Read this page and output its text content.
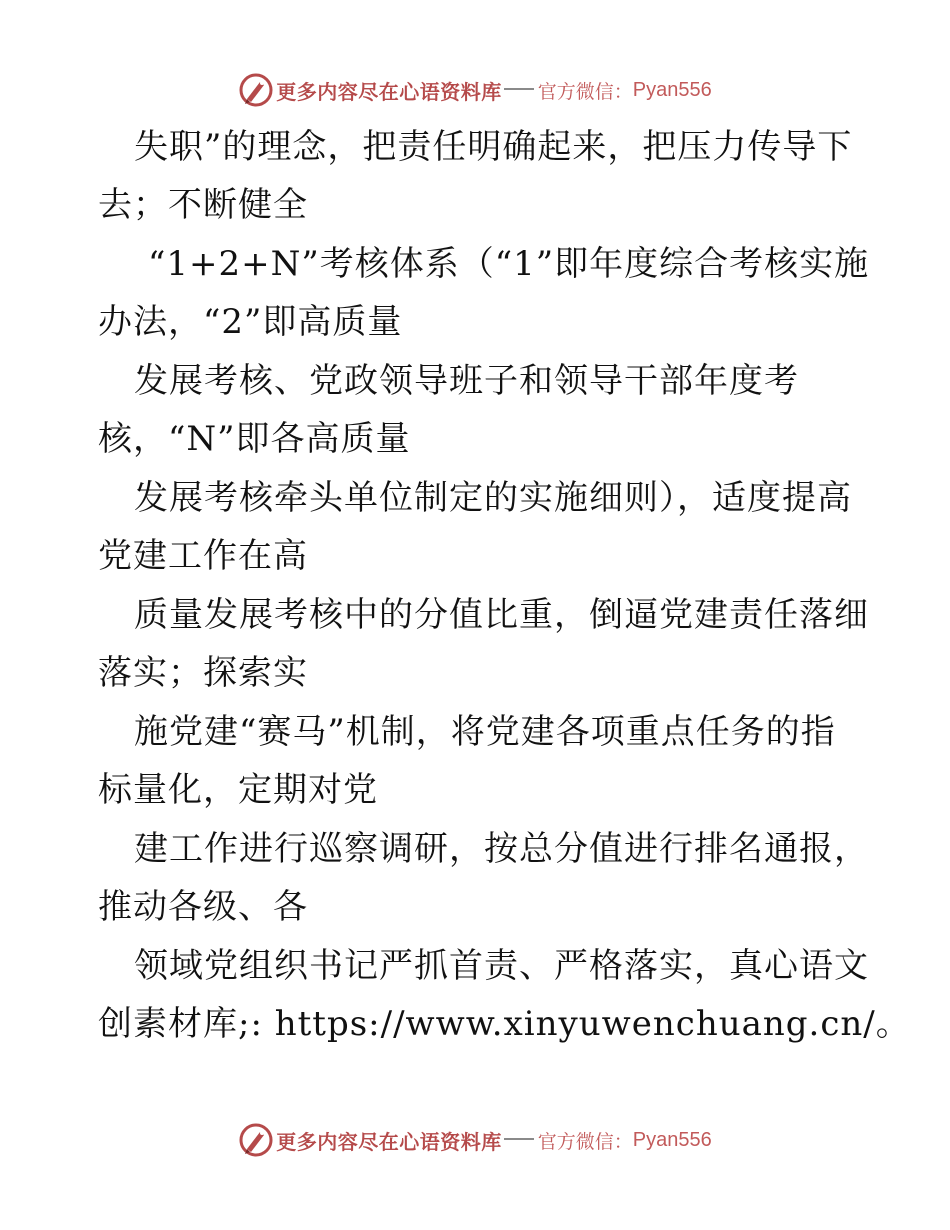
更多内容尽在心语资料库 官方微信： Pyan556
失职”的理念，把责任明确起来，把压力传导下
去；不断健全
“1+2+N”考核体系（“1”即年度综合考核实施
办法，“2”即高质量
发展考核、党政领导班子和领导干部年度考
核，“N”即各高质量
发展考核牵头单位制定的实施细则），适度提高
党建工作在高
质量发展考核中的分值比重，倒逼党建责任落细
落实；探索实
施党建“赛马”机制，将党建各项重点任务的指
标量化，定期对党
建工作进行巡察调研，按总分值进行排名通报，
推动各级、各
领域党组织书记严抓首责、严格落实，真心语文
创素材库;: https://www.xinyuwenchuang.cn/。
更多内容尽在心语资料库 官方微信： Pyan556
